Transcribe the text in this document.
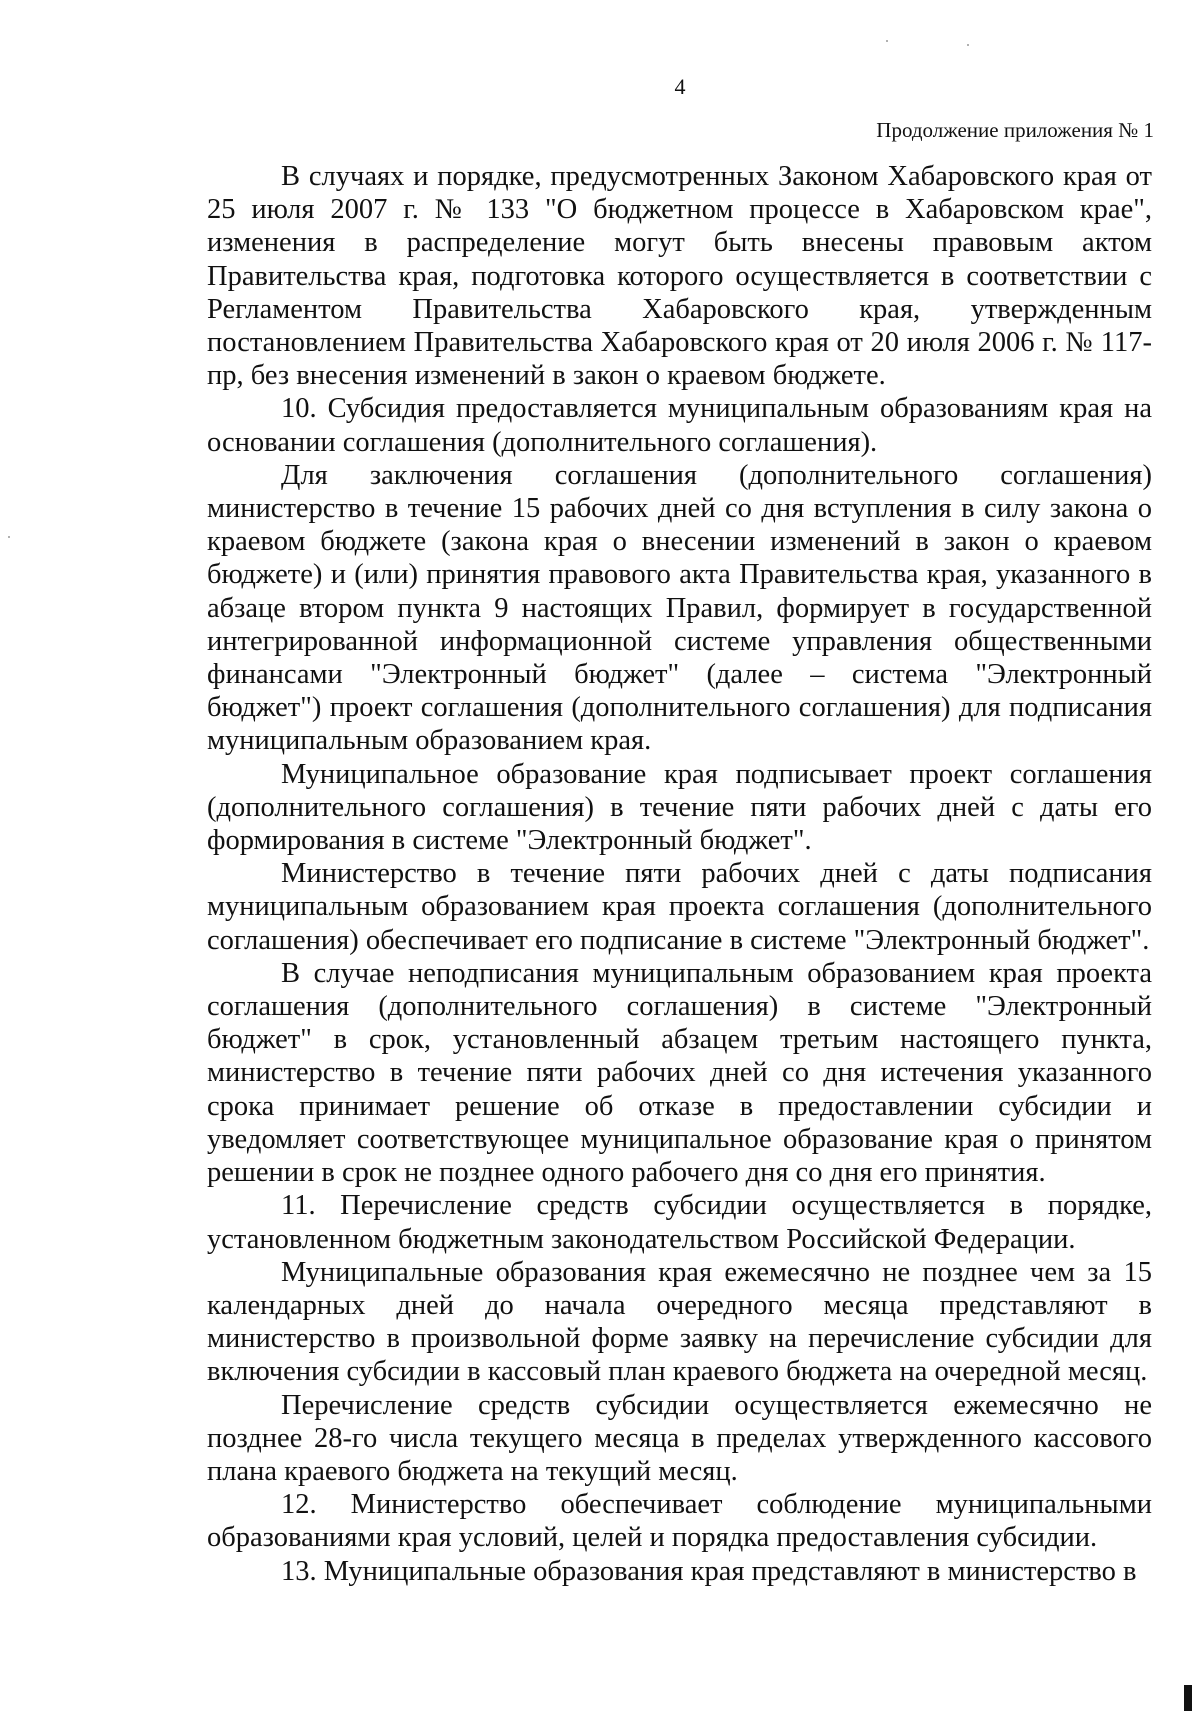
4
Продолжение приложения № 1

В случаях и порядке, предусмотренных Законом Хабаровского края от 25 июля 2007 г. № 133 "О бюджетном процессе в Хабаровском крае", изменения в распределение могут быть внесены правовым актом Правительства края, подготовка которого осуществляется в соответствии с Регламентом Правительства Хабаровского края, утвержденным постановлением Правительства Хабаровского края от 20 июля 2006 г. № 117-пр, без внесения изменений в закон о краевом бюджете.

10. Субсидия предоставляется муниципальным образованиям края на основании соглашения (дополнительного соглашения).

Для заключения соглашения (дополнительного соглашения) министерство в течение 15 рабочих дней со дня вступления в силу закона о краевом бюджете (закона края о внесении изменений в закон о краевом бюджете) и (или) принятия правового акта Правительства края, указанного в абзаце втором пункта 9 настоящих Правил, формирует в государственной интегрированной информационной системе управления общественными финансами "Электронный бюджет" (далее – система "Электронный бюджет") проект соглашения (дополнительного соглашения) для подписания муниципальным образованием края.

Муниципальное образование края подписывает проект соглашения (дополнительного соглашения) в течение пяти рабочих дней с даты его формирования в системе "Электронный бюджет".

Министерство в течение пяти рабочих дней с даты подписания муниципальным образованием края проекта соглашения (дополнительного соглашения) обеспечивает его подписание в системе "Электронный бюджет".

В случае неподписания муниципальным образованием края проекта соглашения (дополнительного соглашения) в системе "Электронный бюджет" в срок, установленный абзацем третьим настоящего пункта, министерство в течение пяти рабочих дней со дня истечения указанного срока принимает решение об отказе в предоставлении субсидии и уведомляет соответствующее муниципальное образование края о принятом решении в срок не позднее одного рабочего дня со дня его принятия.

11. Перечисление средств субсидии осуществляется в порядке, установленном бюджетным законодательством Российской Федерации.

Муниципальные образования края ежемесячно не позднее чем за 15 календарных дней до начала очередного месяца представляют в министерство в произвольной форме заявку на перечисление субсидии для включения субсидии в кассовый план краевого бюджета на очередной месяц.

Перечисление средств субсидии осуществляется ежемесячно не позднее 28-го числа текущего месяца в пределах утвержденного кассового плана краевого бюджета на текущий месяц.

12. Министерство обеспечивает соблюдение муниципальными образованиями края условий, целей и порядка предоставления субсидии.

13. Муниципальные образования края представляют в министерство в
